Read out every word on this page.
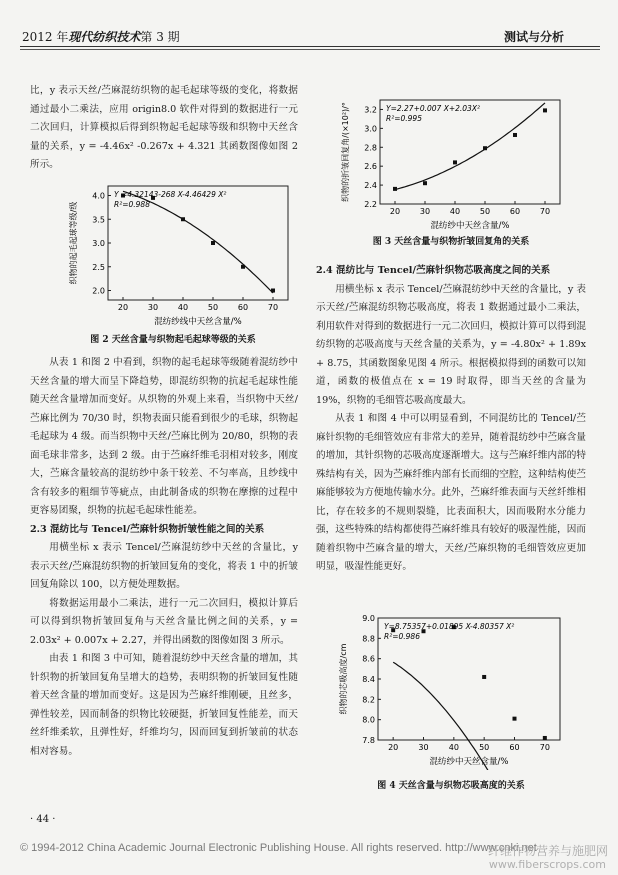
2012 年现代纺织技术第 3 期	测试与分析

比，y 表示天丝/苎麻混纺织物的起毛起球等级的变化，将数据通过最小二乘法，应用 origin8.0 软件对得到的数据进行一元二次回归，计算模拟后得到织物起毛起球等级和织物中天丝含量的关系，y = -4.46x² -0.267x + 4.321 其函数图像如图 2 所示。

20 30 40 50 60 70
2.0
2.5
3.0
3.5
4.0 Y =4.32143-268 X-4.46429 X²
R²=0.988
混纺纱线中天丝含量/%
织物的起毛起球等级/级
图 2 天丝含量与织物起毛起球等级的关系

从表 1 和图 2 中看到，织物的起毛起球等级随着混纺纱中天丝含量的增大而呈下降趋势，即混纺织物的抗起毛起球性能随天丝含量增加而变好。从织物的外观上来看，当织物中天丝/苎麻比例为 70/30 时，织物表面只能看到很少的毛球，织物起毛起球为 4 级。而当织物中天丝/苎麻比例为 20/80，织物的表面毛球非常多，达到 2 级。由于苎麻纤维毛羽相对较多，刚度大，苎麻含量较高的混纺纱中条干较差、不匀率高，且纱线中含有较多的粗细节等疵点，由此制备成的织物在摩擦的过程中更容易团聚，织物的抗起毛起球性能差。

2.3 混纺比与 Tencel/苎麻针织物折皱性能之间的关系

用横坐标 x 表示 Tencel/苎麻混纺纱中天丝的含量比，y 表示天丝/苎麻混纺织物的折皱回复角的变化，将表 1 中的折皱回复角除以 100，以方便处理数据。

将数据运用最小二乘法，进行一元二次回归，模拟计算后可以得到织物折皱回复角与天丝含量比例之间的关系，y = 2.03x² + 0.007x + 2.27，并得出函数的图像如图 3 所示。

由表 1 和图 3 中可知，随着混纺纱中天丝含量的增加，其针织物的折皱回复角呈增大的趋势，表明织物的折皱回复性随着天丝含量的增加而变好。这是因为苎麻纤维刚硬，且丝多，弹性较差，因而制备的织物比较硬挺，折皱回复性能差，而天丝纤维柔软，且弹性好，纤维均匀，因而回复到折皱前的状态相对容易。

20 30 40 50 60 70
2.2
2.4
2.6
2.8
3.0
3.2 Y=2.27+0.007 X+2.03X²
R²=0.995
混纺纱中天丝含量/%
织物的折皱回复角/(×10²)/°
图 3 天丝含量与织物折皱回复角的关系

2.4 混纺比与 Tencel/苎麻针织物芯吸高度之间的关系

用横坐标 x 表示 Tencel/苎麻混纺纱中天丝的含量比，y 表示天丝/苎麻混纺织物芯吸高度，将表 1 数据通过最小二乘法，利用软件对得到的数据进行一元二次回归，模拟计算可以得到混纺织物的芯吸高度与天丝含量的关系为，y = -4.80x² + 1.89x + 8.75，其函数图象见图 4 所示。根据模拟得到的函数可以知道，函数的极值点在 x = 19 时取得，即当天丝的含量为 19%，织物的毛细管芯吸高度最大。

从表 1 和图 4 中可以明显看到，不同混纺比的 Tencel/苎麻针织物的毛细管效应有非常大的差异，随着混纺纱中苎麻含量的增加，其针织物的芯吸高度逐渐增大。这与苎麻纤维内部的特殊结构有关，因为苎麻纤维内部有长而细的空腔，这种结构使苎麻能够较为方便地传输水分。此外，苎麻纤维表面与天丝纤维相比，存在较多的不规则裂缝，比表面积大，因而吸附水分能力强，这些特殊的结构都使得苎麻纤维具有较好的吸湿性能，因而随着织物中苎麻含量的增大，天丝/苎麻织物的毛细管效应更加明显，吸湿性能更好。

20	30	40	50	60	70
7.8
8.0
8.2
8.4
8.6
8.8
9.0
Y=8.75357+0.01895 X-4.80357 X²
R²=0.986
混纺纱中天丝含量/%
织物的芯吸高度/cm
图 4 天丝含量与织物芯吸高度的关系
· 44 ·
© 1994-2012 China Academic Journal Electronic Publishing House. All rights reserved. http://www.cnki.net
纤维作物营养与施肥网
www.fiberscrops.com
